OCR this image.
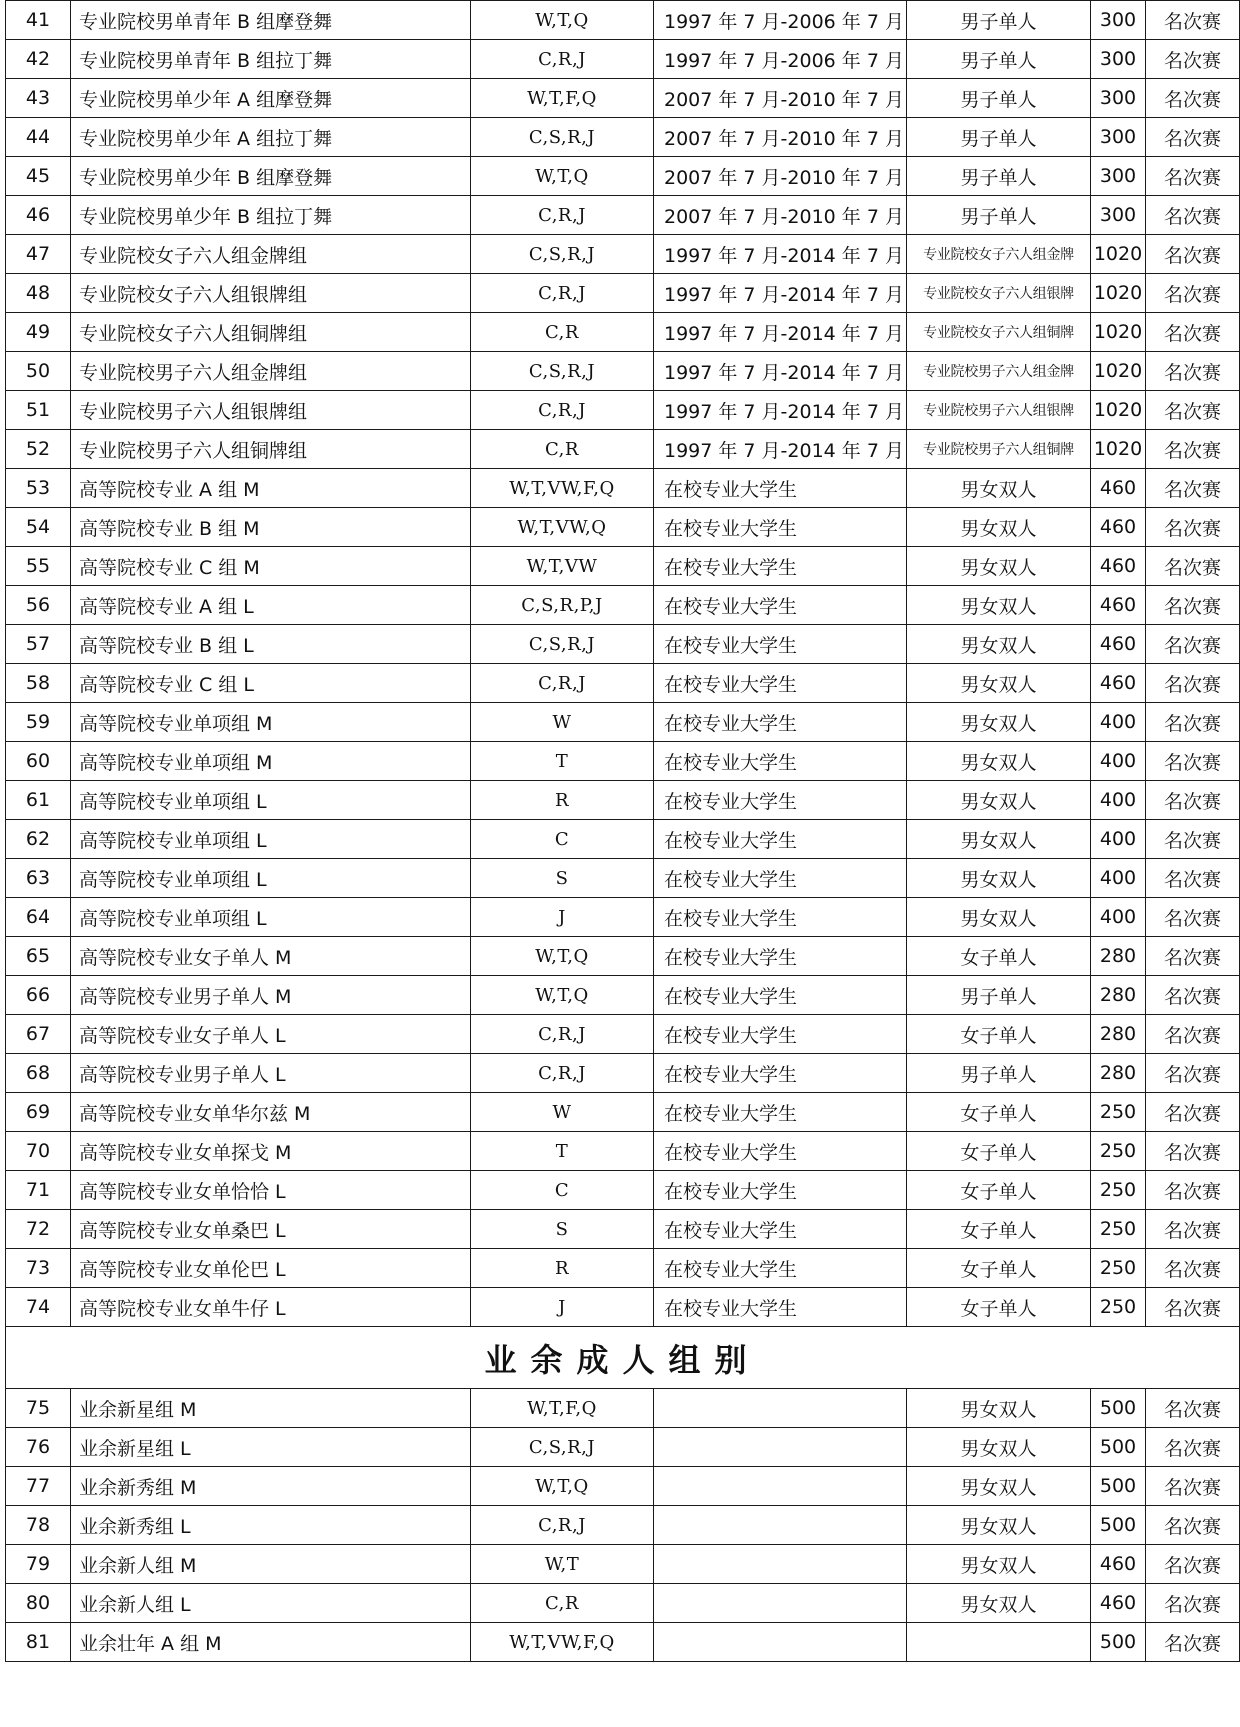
41	专业院校男单青年 B 组摩登舞	W,T,Q	1997 年 7 月-2006 年 7 月	男子单人	300	名次赛
42	专业院校男单青年 B 组拉丁舞	C,R,J	1997 年 7 月-2006 年 7 月	男子单人	300	名次赛
43	专业院校男单少年 A 组摩登舞	W,T,F,Q	2007 年 7 月-2010 年 7 月	男子单人	300	名次赛
44	专业院校男单少年 A 组拉丁舞	C,S,R,J	2007 年 7 月-2010 年 7 月	男子单人	300	名次赛
45	专业院校男单少年 B 组摩登舞	W,T,Q	2007 年 7 月-2010 年 7 月	男子单人	300	名次赛
46	专业院校男单少年 B 组拉丁舞	C,R,J	2007 年 7 月-2010 年 7 月	男子单人	300	名次赛
47	专业院校女子六人组金牌组	C,S,R,J	1997 年 7 月-2014 年 7 月	专业院校女子六人组金牌	1020	名次赛
48	专业院校女子六人组银牌组	C,R,J	1997 年 7 月-2014 年 7 月	专业院校女子六人组银牌	1020	名次赛
49	专业院校女子六人组铜牌组	C,R	1997 年 7 月-2014 年 7 月	专业院校女子六人组铜牌	1020	名次赛
50	专业院校男子六人组金牌组	C,S,R,J	1997 年 7 月-2014 年 7 月	专业院校男子六人组金牌	1020	名次赛
51	专业院校男子六人组银牌组	C,R,J	1997 年 7 月-2014 年 7 月	专业院校男子六人组银牌	1020	名次赛
52	专业院校男子六人组铜牌组	C,R	1997 年 7 月-2014 年 7 月	专业院校男子六人组铜牌	1020	名次赛
53	高等院校专业 A 组 M	W,T,VW,F,Q	在校专业大学生	男女双人	460	名次赛
54	高等院校专业 B 组 M	W,T,VW,Q	在校专业大学生	男女双人	460	名次赛
55	高等院校专业 C 组 M	W,T,VW	在校专业大学生	男女双人	460	名次赛
56	高等院校专业 A 组 L	C,S,R,P,J	在校专业大学生	男女双人	460	名次赛
57	高等院校专业 B 组 L	C,S,R,J	在校专业大学生	男女双人	460	名次赛
58	高等院校专业 C 组 L	C,R,J	在校专业大学生	男女双人	460	名次赛
59	高等院校专业单项组 M	W	在校专业大学生	男女双人	400	名次赛
60	高等院校专业单项组 M	T	在校专业大学生	男女双人	400	名次赛
61	高等院校专业单项组 L	R	在校专业大学生	男女双人	400	名次赛
62	高等院校专业单项组 L	C	在校专业大学生	男女双人	400	名次赛
63	高等院校专业单项组 L	S	在校专业大学生	男女双人	400	名次赛
64	高等院校专业单项组 L	J	在校专业大学生	男女双人	400	名次赛
65	高等院校专业女子单人 M	W,T,Q	在校专业大学生	女子单人	280	名次赛
66	高等院校专业男子单人 M	W,T,Q	在校专业大学生	男子单人	280	名次赛
67	高等院校专业女子单人 L	C,R,J	在校专业大学生	女子单人	280	名次赛
68	高等院校专业男子单人 L	C,R,J	在校专业大学生	男子单人	280	名次赛
69	高等院校专业女单华尔兹 M	W	在校专业大学生	女子单人	250	名次赛
70	高等院校专业女单探戈 M	T	在校专业大学生	女子单人	250	名次赛
71	高等院校专业女单恰恰 L	C	在校专业大学生	女子单人	250	名次赛
72	高等院校专业女单桑巴 L	S	在校专业大学生	女子单人	250	名次赛
73	高等院校专业女单伦巴 L	R	在校专业大学生	女子单人	250	名次赛
74	高等院校专业女单牛仔 L	J	在校专业大学生	女子单人	250	名次赛
业余成人组别						
75	业余新星组 M	W,T,F,Q		男女双人	500	名次赛
76	业余新星组 L	C,S,R,J		男女双人	500	名次赛
77	业余新秀组 M	W,T,Q		男女双人	500	名次赛
78	业余新秀组 L	C,R,J		男女双人	500	名次赛
79	业余新人组 M	W,T		男女双人	460	名次赛
80	业余新人组 L	C,R		男女双人	460	名次赛
81	业余壮年 A 组 M	W,T,VW,F,Q			500	名次赛
